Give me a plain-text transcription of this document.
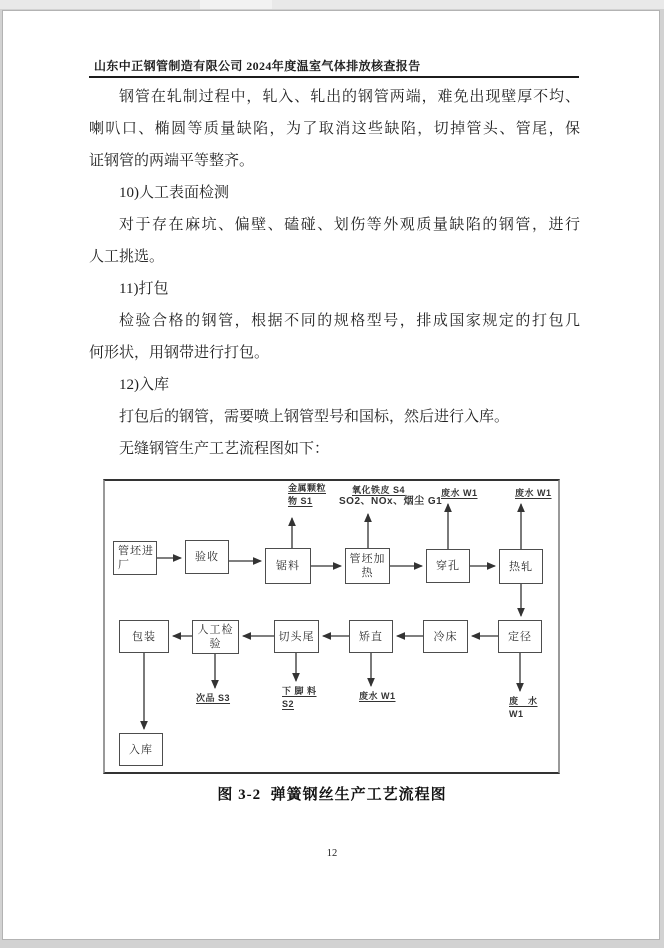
山东中正钢管制造有限公司 2024年度温室气体排放核查报告
钢管在轧制过程中，轧入、轧出的钢管两端，难免出现壁厚不均、
喇叭口、椭圆等质量缺陷，为了取消这些缺陷，切掉管头、管尾，保
证钢管的两端平等整齐。
10)人工表面检测
对于存在麻坑、偏壁、磕碰、划伤等外观质量缺陷的钢管，进行
人工挑选。
11)打包
检验合格的钢管，根据不同的规格型号，排成国家规定的打包几
何形状，用钢带进行打包。
12)入库
打包后的钢管，需要喷上钢管型号和国标，然后进行入库。
无缝钢管生产工艺流程图如下：
管坯进
厂
验收
锯料
管坯加
热
穿孔	热轧
定径
冷床
矫直
切头尾
人工检
验
包装
入库
金属颗粒
物 S1
氧化铁皮 S4
SO2、NOx、烟尘 G1
废水 W1	废水 W1
次品 S3
下 脚 料
S2
废水 W1	废　水
W1
图 3-2  弹簧钢丝生产工艺流程图
12
